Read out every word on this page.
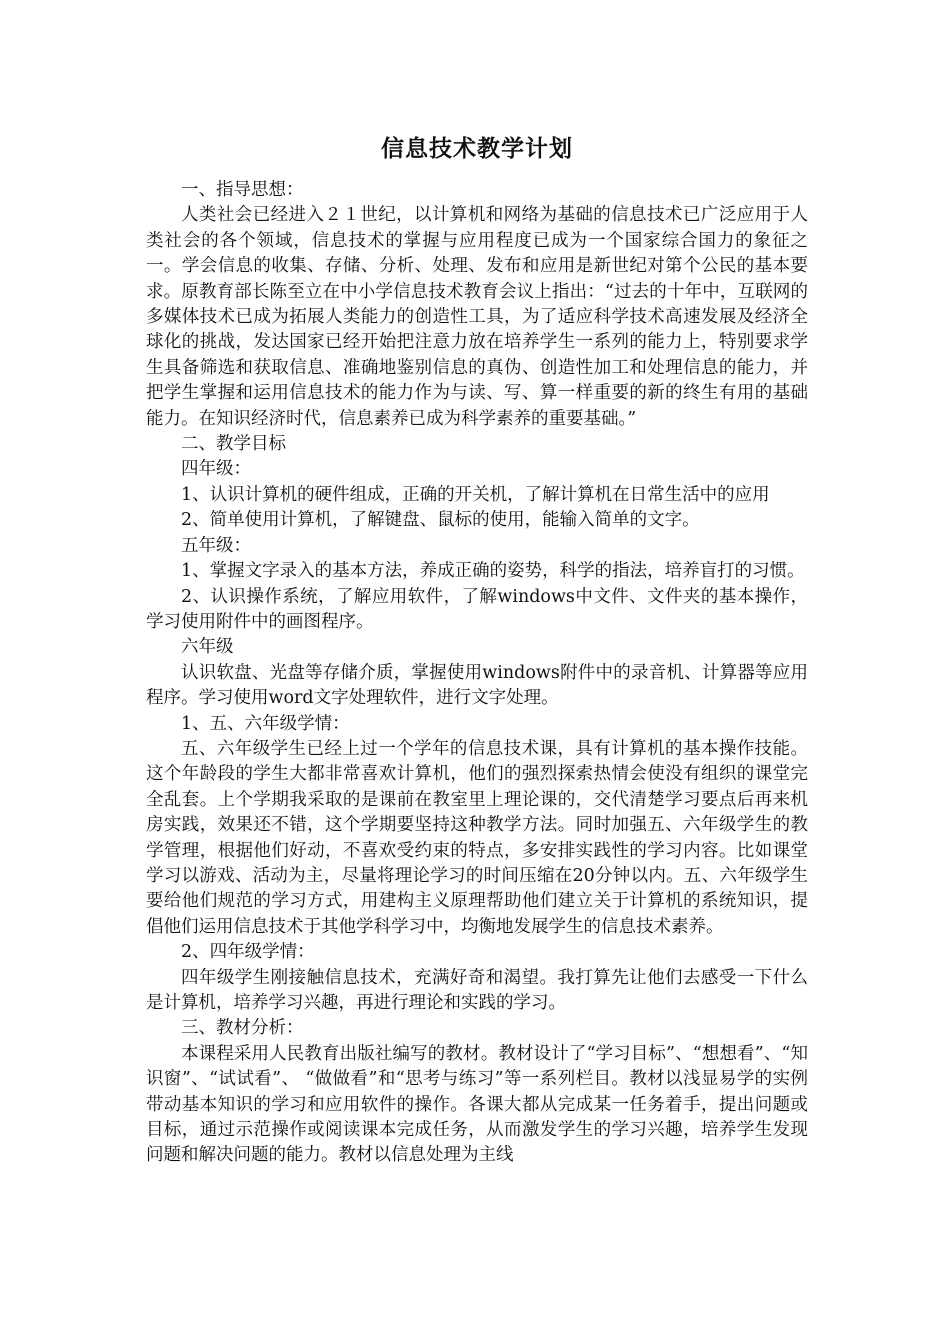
信息技术教学计划

一、指导思想：

人类社会已经进入２１世纪，以计算机和网络为基础的信息技术已广泛应用于人类社会的各个领域，信息技术的掌握与应用程度已成为一个国家综合国力的象征之一。学会信息的收集、存储、分析、处理、发布和应用是新世纪对第个公民的基本要求。原教育部长陈至立在中小学信息技术教育会议上指出：“过去的十年中，互联网的多媒体技术已成为拓展人类能力的创造性工具，为了适应科学技术高速发展及经济全球化的挑战，发达国家已经开始把注意力放在培养学生一系列的能力上，特别要求学生具备筛选和获取信息、准确地鉴别信息的真伪、创造性加工和处理信息的能力，并把学生掌握和运用信息技术的能力作为与读、写、算一样重要的新的终生有用的基础能力。在知识经济时代，信息素养已成为科学素养的重要基础。”

二、教学目标

四年级：

1、认识计算机的硬件组成，正确的开关机，了解计算机在日常生活中的应用

2、简单使用计算机，了解键盘、鼠标的使用，能输入简单的文字。

五年级：

1、掌握文字录入的基本方法，养成正确的姿势，科学的指法，培养盲打的习惯。

2、认识操作系统，了解应用软件，了解windows中文件、文件夹的基本操作，学习使用附件中的画图程序。

六年级

认识软盘、光盘等存储介质，掌握使用windows附件中的录音机、计算器等应用程序。学习使用word文字处理软件，进行文字处理。

1、五、六年级学情：

五、六年级学生已经上过一个学年的信息技术课，具有计算机的基本操作技能。这个年龄段的学生大都非常喜欢计算机，他们的强烈探索热情会使没有组织的课堂完全乱套。上个学期我采取的是课前在教室里上理论课的，交代清楚学习要点后再来机房实践，效果还不错，这个学期要坚持这种教学方法。同时加强五、六年级学生的教学管理，根据他们好动，不喜欢受约束的特点，多安排实践性的学习内容。比如课堂学习以游戏、活动为主，尽量将理论学习的时间压缩在20分钟以内。五、六年级学生要给他们规范的学习方式，用建构主义原理帮助他们建立关于计算机的系统知识，提倡他们运用信息技术于其他学科学习中，均衡地发展学生的信息技术素养。

2、四年级学情：

四年级学生刚接触信息技术，充满好奇和渴望。我打算先让他们去感受一下什么是计算机，培养学习兴趣，再进行理论和实践的学习。

三、教材分析：

本课程采用人民教育出版社编写的教材。教材设计了“学习目标”、“想想看”、“知识窗”、“试试看”、 “做做看”和“思考与练习”等一系列栏目。教材以浅显易学的实例带动基本知识的学习和应用软件的操作。各课大都从完成某一任务着手，提出问题或目标，通过示范操作或阅读课本完成任务，从而激发学生的学习兴趣，培养学生发现问题和解决问题的能力。教材以信息处理为主线
